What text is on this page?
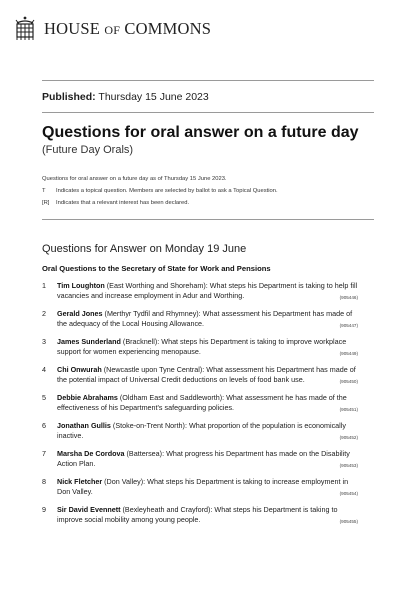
HOUSE OF COMMONS
Published: Thursday 15 June 2023
Questions for oral answer on a future day
(Future Day Orals)
Questions for oral answer on a future day as of Thursday 15 June 2023.
T	Indicates a topical question. Members are selected by ballot to ask a Topical Question.
[R]	Indicates that a relevant interest has been declared.
Questions for Answer on Monday 19 June
Oral Questions to the Secretary of State for Work and Pensions
1	Tim Loughton (East Worthing and Shoreham): What steps his Department is taking to help fill vacancies and increase employment in Adur and Worthing.	(905446)
2	Gerald Jones (Merthyr Tydfil and Rhymney): What assessment his Department has made of the adequacy of the Local Housing Allowance.	(905447)
3	James Sunderland (Bracknell): What steps his Department is taking to improve workplace support for women experiencing menopause.	(905449)
4	Chi Onwurah (Newcastle upon Tyne Central): What assessment his Department has made of the potential impact of Universal Credit deductions on levels of food bank use.	(905450)
5	Debbie Abrahams (Oldham East and Saddleworth): What assessment he has made of the effectiveness of his Department's safeguarding policies.	(905451)
6	Jonathan Gullis (Stoke-on-Trent North): What proportion of the population is economically inactive.	(905452)
7	Marsha De Cordova (Battersea): What progress his Department has made on the Disability Action Plan.	(905453)
8	Nick Fletcher (Don Valley): What steps his Department is taking to increase employment in Don Valley.	(905454)
9	Sir David Evennett (Bexleyheath and Crayford): What steps his Department is taking to improve social mobility among young people.	(905455)
